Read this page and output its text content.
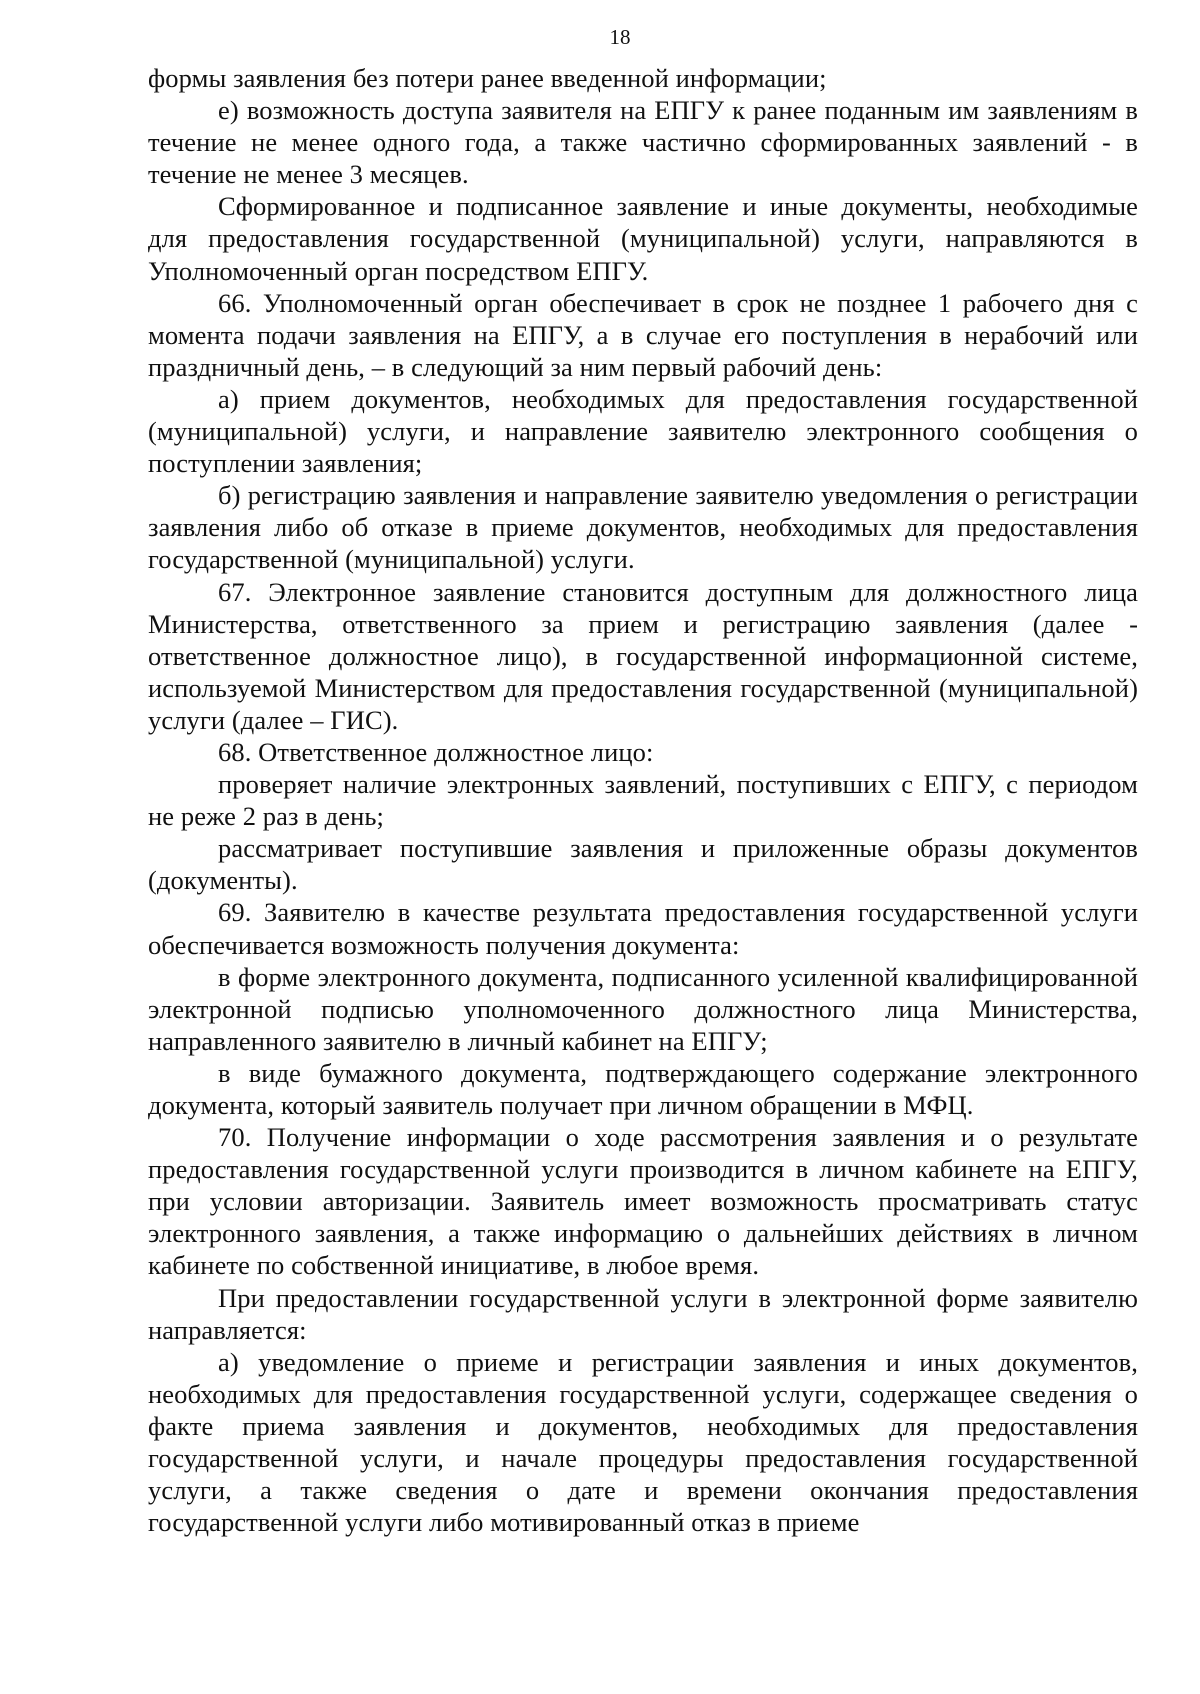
18

формы заявления без потери ранее введенной информации;

е) возможность доступа заявителя на ЕПГУ к ранее поданным им заявлениям в течение не менее одного года, а также частично сформированных заявлений - в течение не менее 3 месяцев.

Сформированное и подписанное заявление и иные документы, необходимые для предоставления государственной (муниципальной) услуги, направляются в Уполномоченный орган посредством ЕПГУ.

66. Уполномоченный орган обеспечивает в срок не позднее 1 рабочего дня с момента подачи заявления на ЕПГУ, а в случае его поступления в нерабочий или праздничный день, – в следующий за ним первый рабочий день:

а) прием документов, необходимых для предоставления государственной (муниципальной) услуги, и направление заявителю электронного сообщения о поступлении заявления;

б) регистрацию заявления и направление заявителю уведомления о регистрации заявления либо об отказе в приеме документов, необходимых для предоставления государственной (муниципальной) услуги.

67. Электронное заявление становится доступным для должностного лица Министерства, ответственного за прием и регистрацию заявления (далее - ответственное должностное лицо), в государственной информационной системе, используемой Министерством для предоставления государственной (муниципальной) услуги (далее – ГИС).

68. Ответственное должностное лицо:

проверяет наличие электронных заявлений, поступивших с ЕПГУ, с периодом не реже 2 раз в день;

рассматривает поступившие заявления и приложенные образы документов (документы).

69. Заявителю в качестве результата предоставления государственной услуги обеспечивается возможность получения документа:

в форме электронного документа, подписанного усиленной квалифицированной электронной подписью уполномоченного должностного лица Министерства, направленного заявителю в личный кабинет на ЕПГУ;

в виде бумажного документа, подтверждающего содержание электронного документа, который заявитель получает при личном обращении в МФЦ.

70. Получение информации о ходе рассмотрения заявления и о результате предоставления государственной услуги производится в личном кабинете на ЕПГУ, при условии авторизации. Заявитель имеет возможность просматривать статус электронного заявления, а также информацию о дальнейших действиях в личном кабинете по собственной инициативе, в любое время.

При предоставлении государственной услуги в электронной форме заявителю направляется:

а) уведомление о приеме и регистрации заявления и иных документов, необходимых для предоставления государственной услуги, содержащее сведения о факте приема заявления и документов, необходимых для предоставления государственной услуги, и начале процедуры предоставления государственной услуги, а также сведения о дате и времени окончания предоставления государственной услуги либо мотивированный отказ в приеме
